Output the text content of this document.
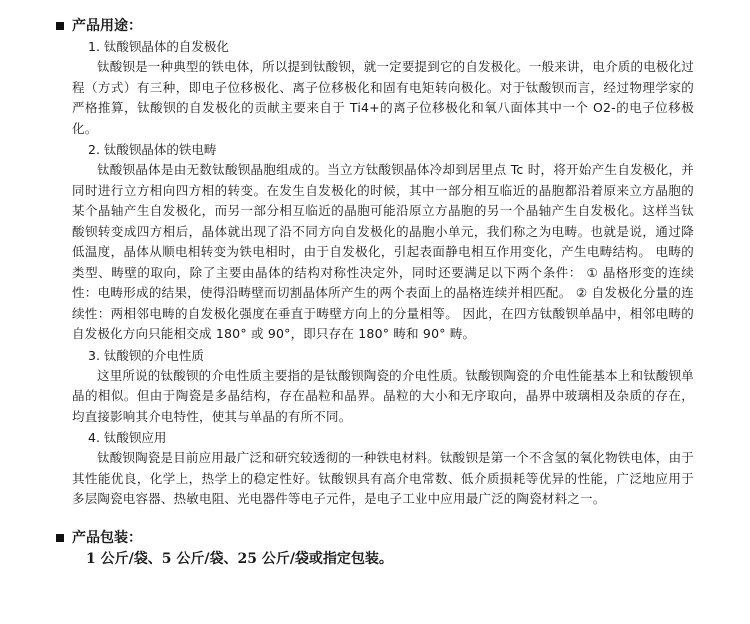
产品用途：
1. 钛酸钡晶体的自发极化

钛酸钡是一种典型的铁电体，所以提到钛酸钡，就一定要提到它的自发极化。一般来讲，电介质的电极化过程（方式）有三种，即电子位移极化、离子位移极化和固有电矩转向极化。对于钛酸钡而言，经过物理学家的严格推算，钛酸钡的自发极化的贡献主要来自于 Ti4+的离子位移极化和氧八面体其中一个 O2-的电子位移极化。

2. 钛酸钡晶体的铁电畴

钛酸钡晶体是由无数钛酸钡晶胞组成的。当立方钛酸钡晶体冷却到居里点 Tc 时，将开始产生自发极化，并同时进行立方相向四方相的转变。在发生自发极化的时候，其中一部分相互临近的晶胞都沿着原来立方晶胞的某个晶轴产生自发极化，而另一部分相互临近的晶胞可能沿原立方晶胞的另一个晶轴产生自发极化。这样当钛酸钡转变成四方相后，晶体就出现了沿不同方向自发极化的晶胞小单元，我们称之为电畴。也就是说，通过降低温度，晶体从顺电相转变为铁电相时，由于自发极化，引起表面静电相互作用变化，产生电畴结构。 电畴的类型、畴壁的取向，除了主要由晶体的结构对称性决定外，同时还要满足以下两个条件： ① 晶格形变的连续性：电畴形成的结果，使得沿畴壁而切割晶体所产生的两个表面上的晶格连续并相匹配。 ② 自发极化分量的连续性：两相邻电畴的自发极化强度在垂直于畴壁方向上的分量相等。 因此，在四方钛酸钡单晶中，相邻电畴的自发极化方向只能相交成 180° 或 90°，即只存在 180° 畴和 90° 畴。

3. 钛酸钡的介电性质

这里所说的钛酸钡的介电性质主要指的是钛酸钡陶瓷的介电性质。钛酸钡陶瓷的介电性能基本上和钛酸钡单晶的相似。但由于陶瓷是多晶结构，存在晶粒和晶界。晶粒的大小和无序取向，晶界中玻璃相及杂质的存在，均直接影响其介电特性，使其与单晶的有所不同。

4. 钛酸钡应用

钛酸钡陶瓷是目前应用最广泛和研究较透彻的一种铁电材料。钛酸钡是第一个不含氢的氧化物铁电体，由于其性能优良，化学上，热学上的稳定性好。钛酸钡具有高介电常数、低介质损耗等优异的性能，广泛地应用于多层陶瓷电容器、热敏电阻、光电器件等电子元件，是电子工业中应用最广泛的陶瓷材料之一。

产品包装：
1 公斤/袋、5 公斤/袋、25 公斤/袋或指定包装。
